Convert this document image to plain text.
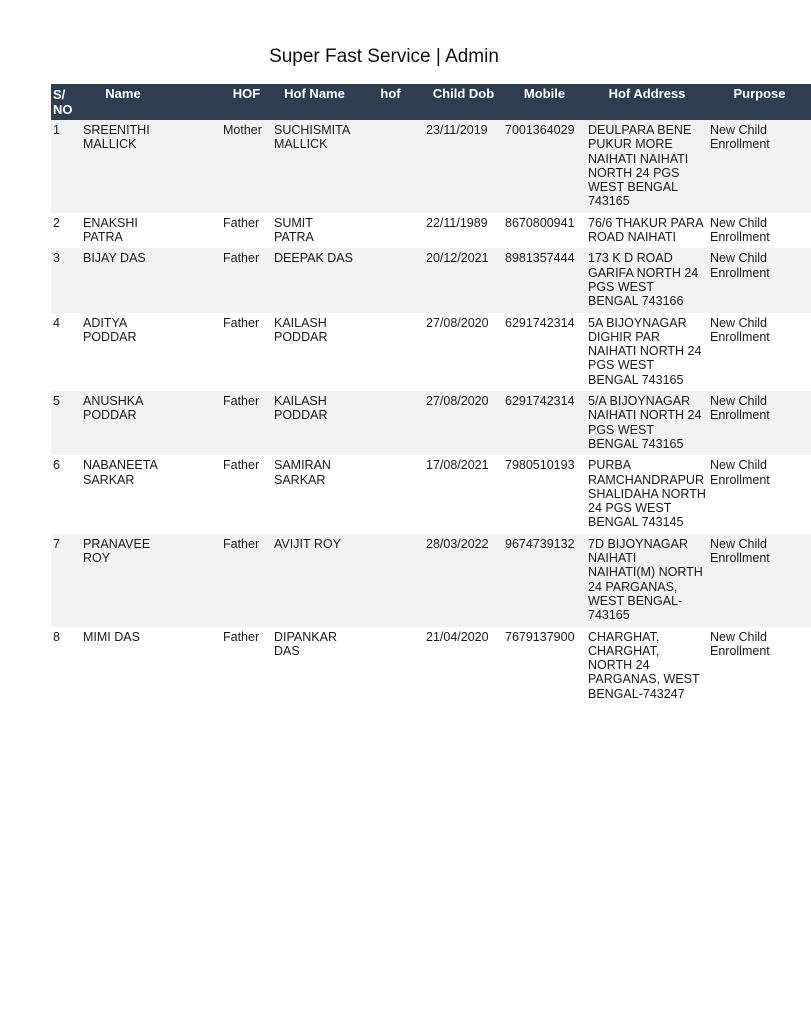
Super Fast Service | Admin
S/ NO	Name		HOF	Hof Name	hof	Child Dob	Mobile	Hof Address	Purpose
1	SREENITHI MALLICK		Mother	SUCHISMITA MALLICK		23/11/2019	7001364029	DEULPARA BENE PUKUR MORE NAIHATI NAIHATI NORTH 24 PGS WEST BENGAL 743165	New Child Enrollment
2	ENAKSHI PATRA		Father	SUMIT PATRA		22/11/1989	8670800941	76/6 THAKUR PARA ROAD NAIHATI	New Child Enrollment
3	BIJAY DAS		Father	DEEPAK DAS		20/12/2021	8981357444	173 K D ROAD GARIFA NORTH 24 PGS WEST BENGAL 743166	New Child Enrollment
4	ADITYA PODDAR		Father	KAILASH PODDAR		27/08/2020	6291742314	5A BIJOYNAGAR DIGHIR PAR NAIHATI NORTH 24 PGS WEST BENGAL 743165	New Child Enrollment
5	ANUSHKA PODDAR		Father	KAILASH PODDAR		27/08/2020	6291742314	5/A BIJOYNAGAR NAIHATI NORTH 24 PGS WEST BENGAL 743165	New Child Enrollment
6	NABANEETA SARKAR		Father	SAMIRAN SARKAR		17/08/2021	7980510193	PURBA RAMCHANDRAPUR SHALIDAHA NORTH 24 PGS WEST BENGAL 743145	New Child Enrollment
7	PRANAVEE ROY		Father	AVIJIT ROY		28/03/2022	9674739132	7D BIJOYNAGAR NAIHATI NAIHATI(M) NORTH 24 PARGANAS, WEST BENGAL-743165	New Child Enrollment
8	MIMI DAS		Father	DIPANKAR DAS		21/04/2020	7679137900	CHARGHAT, CHARGHAT, NORTH 24 PARGANAS, WEST BENGAL-743247	New Child Enrollment
